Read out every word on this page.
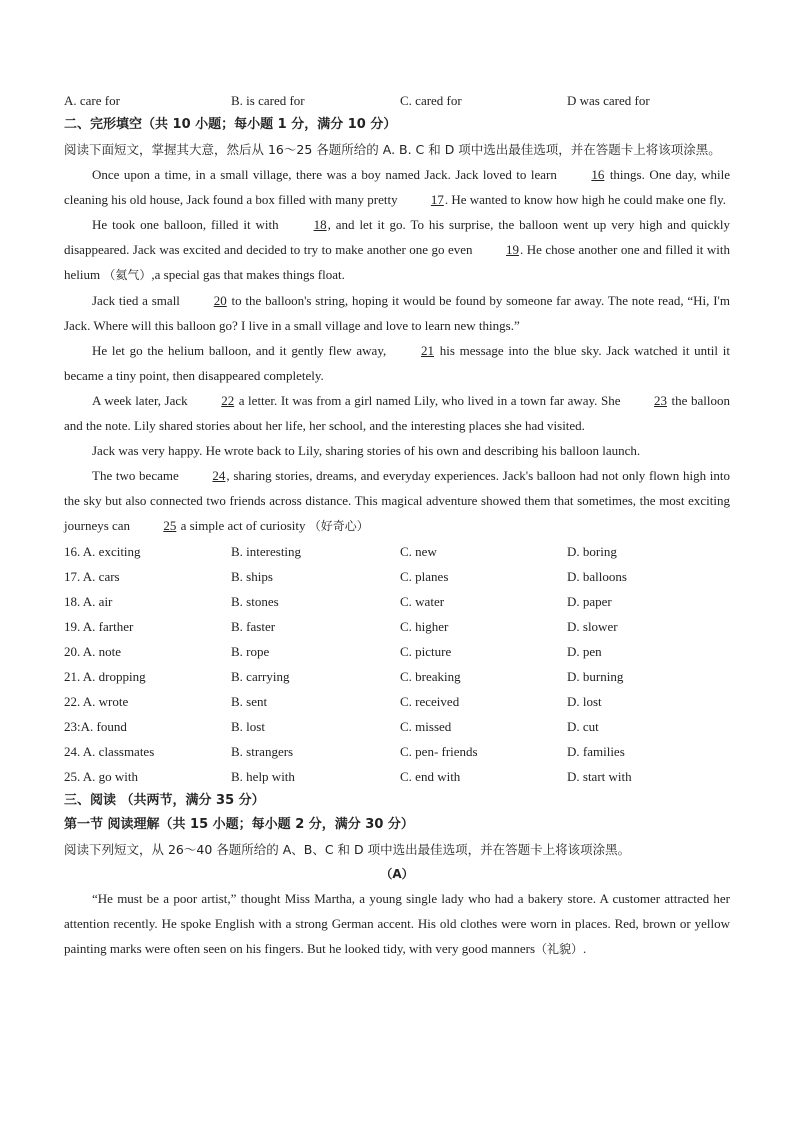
A. care for	B. is cared for	C. cared for	D was cared for
二、完形填空（共 10 小题；每小题 1 分，满分 10 分）
阅读下面短文，掌握其大意，然后从 16～25 各题所给的 A. B. C 和 D 项中选出最佳选项，并在答题卡上将该项涂黑。
Once upon a time, in a small village, there was a boy named Jack. Jack loved to learn 16 things. One day, while cleaning his old house, Jack found a box filled with many pretty 17. He wanted to know how high he could make one fly.
He took one balloon, filled it with 18, and let it go. To his surprise, the balloon went up very high and quickly disappeared. Jack was excited and decided to try to make another one go even 19. He chose another one and filled it with helium （氦气）,a special gas that makes things float.
Jack tied a small 20 to the balloon's string, hoping it would be found by someone far away. The note read, “Hi, I'm Jack. Where will this balloon go? I live in a small village and love to learn new things.”
He let go the helium balloon, and it gently flew away, 21 his message into the blue sky. Jack watched it until it became a tiny point, then disappeared completely.
A week later, Jack 22 a letter. It was from a girl named Lily, who lived in a town far away. She 23 the balloon and the note. Lily shared stories about her life, her school, and the interesting places she had visited.
Jack was very happy. He wrote back to Lily, sharing stories of his own and describing his balloon launch.
The two became 24, sharing stories, dreams, and everyday experiences. Jack's balloon had not only flown high into the sky but also connected two friends across distance. This magical adventure showed them that sometimes, the most exciting journeys can 25 a simple act of curiosity （好奇心）
16. A. exciting	B. interesting	C. new	D. boring
17. A. cars	B. ships	C. planes	D. balloons
18. A. air	B. stones	C. water	D. paper
19. A. farther	B. faster	C. higher	D. slower
20. A. note	B. rope	C. picture	D. pen
21. A. dropping	B. carrying	C. breaking	D. burning
22. A. wrote	B. sent	C. received	D. lost
23:A. found	B. lost	C. missed	D. cut
24. A. classmates	B. strangers	C. pen- friends	D. families
25. A. go with	B. help with	C. end with	D. start with
三、阅读 （共两节，满分 35 分）
第一节 阅读理解（共 15 小题；每小题 2 分，满分 30 分）
阅读下列短文，从 26～40 各题所给的 A、B、C 和 D 项中选出最佳选项，并在答题卡上将该项涂黑。
（A）
“He must be a poor artist,” thought Miss Martha, a young single lady who had a bakery store. A customer attracted her attention recently. He spoke English with a strong German accent. His old clothes were worn in places. Red, brown or yellow painting marks were often seen on his fingers. But he looked tidy, with very good manners（礼貌）.
